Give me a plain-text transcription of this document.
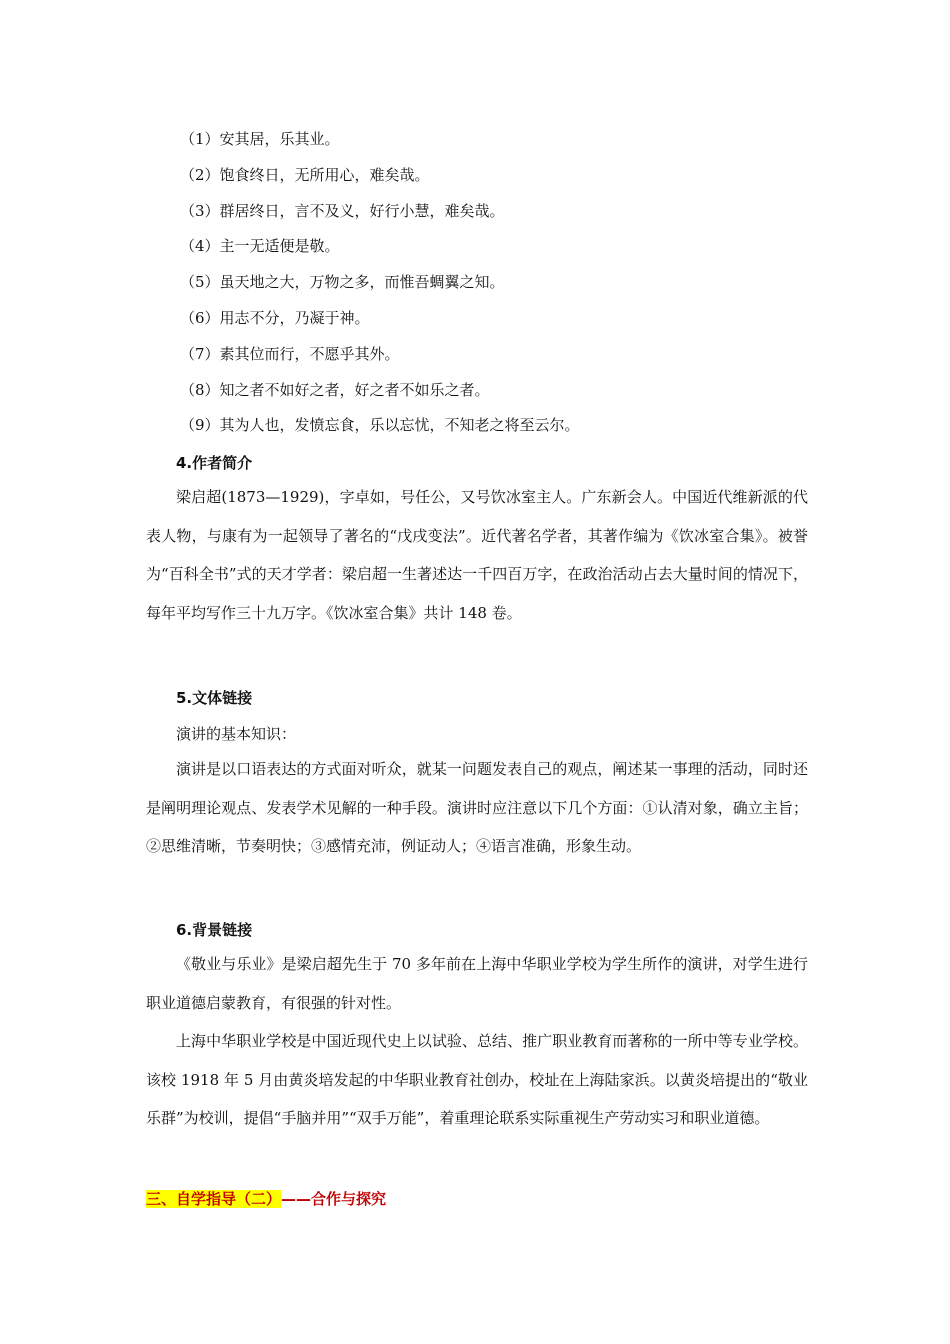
（1）安其居，乐其业。
（2）饱食终日，无所用心，难矣哉。
（3）群居终日，言不及义，好行小慧，难矣哉。
（4）主一无适便是敬。
（5）虽天地之大，万物之多，而惟吾蜩翼之知。
（6）用志不分，乃凝于神。
（7）素其位而行，不愿乎其外。
（8）知之者不如好之者，好之者不如乐之者。
（9）其为人也，发愤忘食，乐以忘忧，不知老之将至云尔。
4.作者简介

梁启超(1873—1929)，字卓如，号任公，又号饮冰室主人。广东新会人。中国近代维新派的代表人物，与康有为一起领导了著名的“戊戌变法”。近代著名学者，其著作编为《饮冰室合集》。被誉为“百科全书”式的天才学者：梁启超一生著述达一千四百万字，在政治活动占去大量时间的情况下，每年平均写作三十九万字。《饮冰室合集》共计 148 卷。

5.文体链接
演讲的基本知识：

演讲是以口语表达的方式面对听众，就某一问题发表自己的观点，阐述某一事理的活动，同时还是阐明理论观点、发表学术见解的一种手段。演讲时应注意以下几个方面：①认清对象，确立主旨；②思维清晰，节奏明快；③感情充沛，例证动人；④语言准确，形象生动。

6.背景链接

《敬业与乐业》是梁启超先生于 70 多年前在上海中华职业学校为学生所作的演讲，对学生进行职业道德启蒙教育，有很强的针对性。

上海中华职业学校是中国近现代史上以试验、总结、推广职业教育而著称的一所中等专业学校。该校 1918 年 5 月由黄炎培发起的中华职业教育社创办，校址在上海陆家浜。以黄炎培提出的“敬业乐群”为校训，提倡“手脑并用”“双手万能”，着重理论联系实际重视生产劳动实习和职业道德。

三、自学指导（二）——合作与探究
